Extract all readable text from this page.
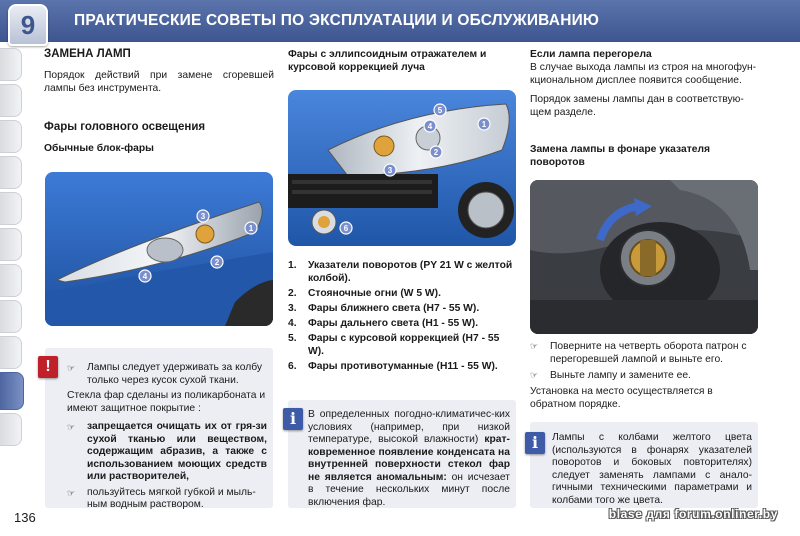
9	ПРАКТИЧЕСКИЕ СОВЕТЫ ПО ЭКСПЛУАТАЦИИ И ОБСЛУЖИВАНИЮ
ЗАМЕНА ЛАМП
Порядок действий при замене сгоревшей лампы без инструмента.
Фары головного освещения
Обычные блок-фары
1
2
3
4
☞	Лампы следует удерживать за колбу только через кусок сухой ткани.
Стекла фар сделаны из поликарбоната и имеют защитное покрытие :
☞	запрещается очищать их от гря-зи сухой тканью или веществом, содержащим абразив, а также с использованием моющих средств или растворителей,
☞	пользуйтесь мягкой губкой и мыль-ным водным раствором.
!
Фары с эллипсоидным отражателем и курсовой коррекцией луча
1
2
3
4
5
6
1.	Указатели поворотов (PY 21 W с желтой колбой).
2.	Стояночные огни (W 5 W).
3.	Фары ближнего света (H7 - 55 W).
4.	Фары дальнего света (H1 - 55 W).
5.	Фары с курсовой коррекцией (H7 - 55 W).
6.	Фары противотуманные (H11 - 55 W).
В определенных погодно-климатичес-ких условиях (например, при низкой температуре, высокой влажности) крат-ковременное появление конденсата на внутренней поверхности стекол фар не является аномальным: он исчезает в течение нескольких минут после включения фар.
i
Если лампа перегорела
В случае выхода лампы из строя на многофун-кциональном дисплее появится сообщение.
Порядок замены лампы дан в соответствую-щем разделе.
Замена лампы в фонаре указателя поворотов
☞	Поверните на четверть оборота патрон с перегоревшей лампой и выньте его.
☞	Выньте лампу и замените ее.
Установка на место осуществляется в обратном порядке.
Лампы с колбами желтого цвета (используются в фонарях указателей поворотов и боковых повторителях) следует заменять лампами с анало-гичными техническими параметрами и колбами того же цвета.
i
136	blase для forum.onliner.by
